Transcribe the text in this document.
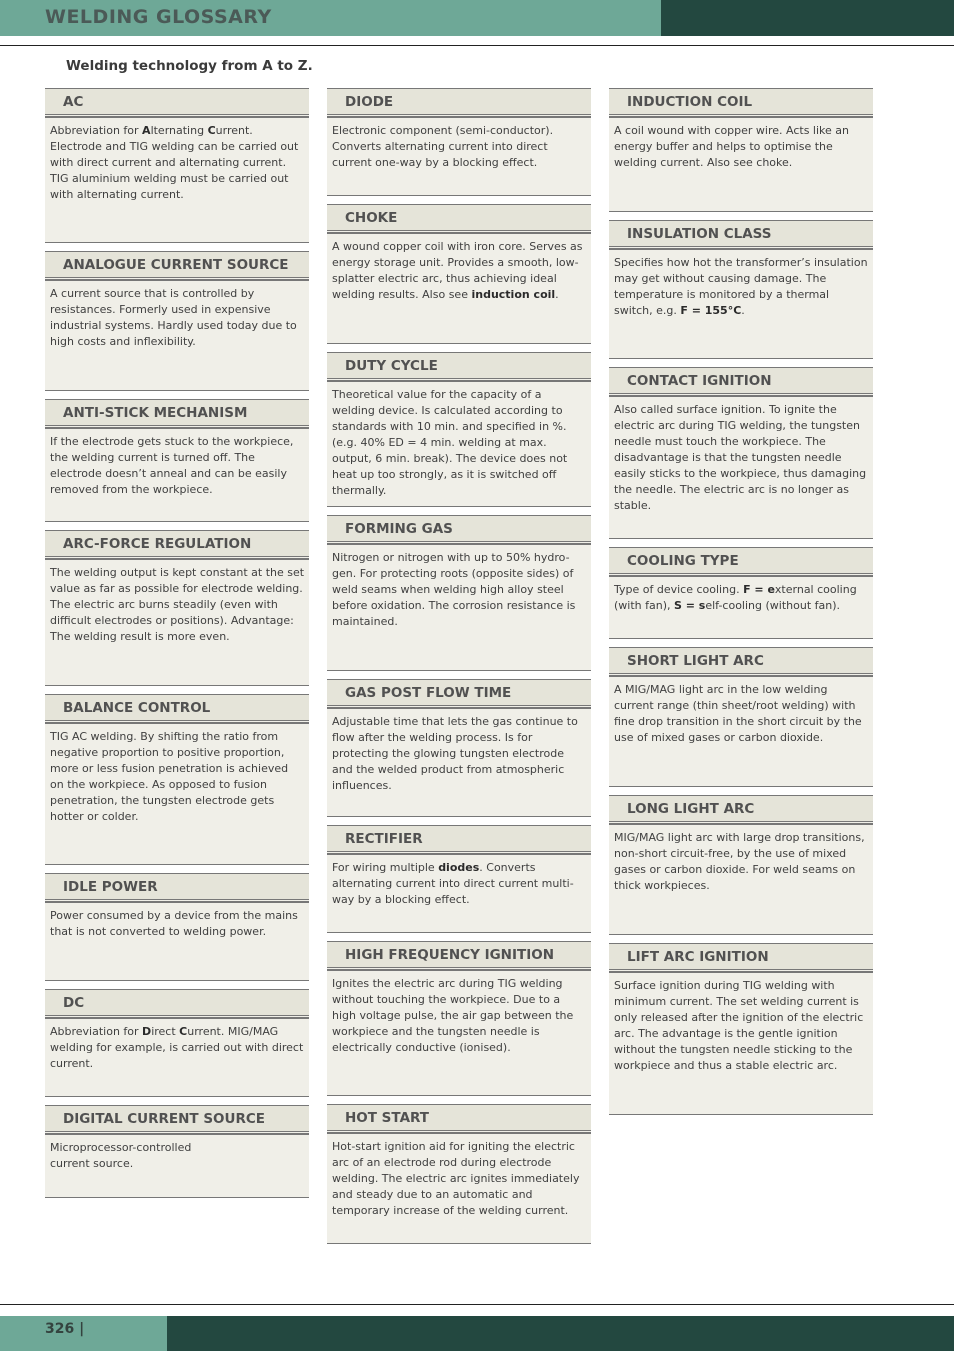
WELDING GLOSSARY
Welding technology from A to Z.
AC
Abbreviation for Alternating Current. Electrode and TIG welding can be carried out with direct current and alternating current. TIG aluminium welding must be carried out with alternating current.
ANALOGUE CURRENT SOURCE
A current source that is controlled by resistances. Formerly used in expensive industrial systems. Hardly used today due to high costs and inflexibility.
ANTI-STICK MECHANISM
If the electrode gets stuck to the workpiece, the welding current is turned off. The electrode doesn’t anneal and can be easily removed from the workpiece.
ARC-FORCE REGULATION
The welding output is kept constant at the set value as far as possible for electrode welding. The electric arc burns steadily (even with difficult electrodes or positions). Advantage: The welding result is more even.
BALANCE CONTROL
TIG AC welding. By shifting the ratio from negative proportion to positive proportion, more or less fusion penetration is achieved on the workpiece. As opposed to fusion penetration, the tungsten electrode gets hotter or colder.
IDLE POWER
Power consumed by a device from the mains that is not converted to welding power.
DC
Abbreviation for Direct Current. MIG/MAG welding for example, is carried out with direct current.
DIGITAL CURRENT SOURCE
Microprocessor-controlled
current source.
DIODE
Electronic component (semi-conductor). Converts alternating current into direct current one-way by a blocking effect.
CHOKE
A wound copper coil with iron core. Serves as energy storage unit. Provides a smooth, low-splatter electric arc, thus achieving ideal welding results. Also see induction coil.
DUTY CYCLE
Theoretical value for the capacity of a welding device. Is calculated according to standards with 10 min. and specified in %. (e.g. 40% ED = 4 min. welding at max. output, 6 min. break). The device does not heat up too strongly, as it is switched off thermally.
FORMING GAS
Nitrogen or nitrogen with up to 50% hydro-gen. For protecting roots (opposite sides) of weld seams when welding high alloy steel before oxidation. The corrosion resistance is maintained.
GAS POST FLOW TIME
Adjustable time that lets the gas continue to flow after the welding process. Is for protecting the glowing tungsten electrode and the welded product from atmospheric influences.
RECTIFIER
For wiring multiple diodes. Converts alternating current into direct current multi-way by a blocking effect.
HIGH FREQUENCY IGNITION
Ignites the electric arc during TIG welding without touching the workpiece. Due to a high voltage pulse, the air gap between the workpiece and the tungsten needle is electrically conductive (ionised).
HOT START
Hot-start ignition aid for igniting the electric arc of an electrode rod during electrode welding. The electric arc ignites immediately and steady due to an automatic and temporary increase of the welding current.
INDUCTION COIL
A coil wound with copper wire. Acts like an energy buffer and helps to optimise the welding current. Also see choke.
INSULATION CLASS
Specifies how hot the transformer’s insulation may get without causing damage. The temperature is monitored by a thermal switch, e.g. F = 155°C.
CONTACT IGNITION
Also called surface ignition. To ignite the electric arc during TIG welding, the tungsten needle must touch the workpiece. The disadvantage is that the tungsten needle easily sticks to the workpiece, thus damaging the needle. The electric arc is no longer as stable.
COOLING TYPE
Type of device cooling. F = external cooling (with fan), S = self-cooling (without fan).
SHORT LIGHT ARC
A MIG/MAG light arc in the low welding current range (thin sheet/root welding) with fine drop transition in the short circuit by the use of mixed gases or carbon dioxide.
LONG LIGHT ARC
MIG/MAG light arc with large drop transitions, non-short circuit-free, by the use of mixed gases or carbon dioxide. For weld seams on thick workpieces.
LIFT ARC IGNITION
Surface ignition during TIG welding with minimum current. The set welding current is only released after the ignition of the electric arc. The advantage is the gentle ignition without the tungsten needle sticking to the workpiece and thus a stable electric arc.
326 |
